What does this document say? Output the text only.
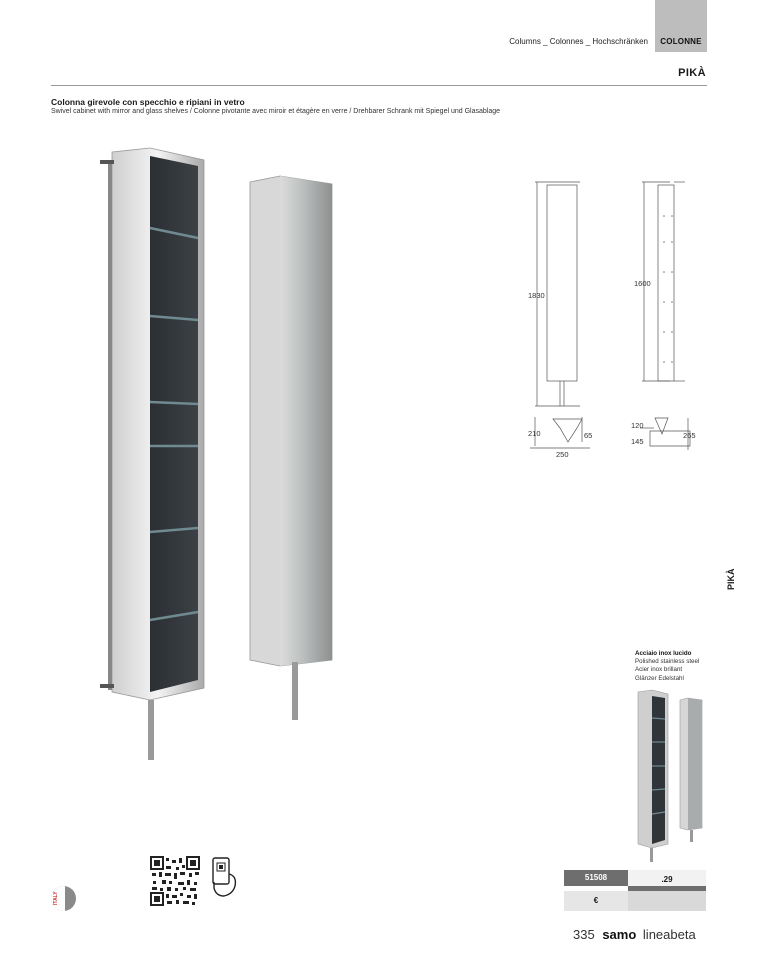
COLONNE
Columns _ Colonnes _ Hochschränken
PIKÀ
Colonna girevole con specchio e ripiani in vetro
Swivel cabinet with mirror and glass shelves / Colonne pivotante avec miroir et étagère en verre / Drehbarer Schrank mit Spiegel und Glasablage
1830
1600
210	65
250
120
145
265
PIKÀ
Acciaio inox lucido
Polished stainless steel
Acier inox brillant
Glänzer Edelstahl
51508	.29
€
ITALY
335 samo lineabeta
